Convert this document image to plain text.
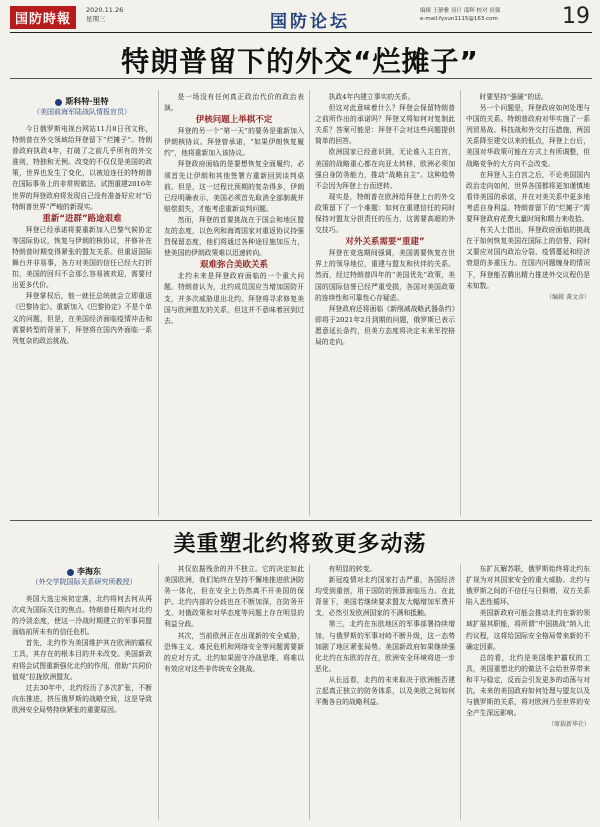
国防時報
2020.11.26
星期三	国防论坛
编辑 王静雅 设计 邵辉 校对 田强
e-mail:fyxun1115@163.com	19
特朗普留下的外交“烂摊子”
斯科特·里特
（美国前海军陆战队情报官员）

今日俄罗斯电视台网站11月8日刊文称，特朗普在外交领域给拜登留下“烂摊子”。特朗普政府执政4年，打破了之前几乎所有的外交准则，特独和无例。改变的不仅仅是美国的政策，世界也发生了变化，以被迫连任的特朗普在国际事务上的非常规做法。试图重建2016年世界的拜登政府将发现自己没有准备好应对“后特朗普世界”严峻的新现实。

重新“进群”路途艰难

拜登已经承诺将要重新加入巴黎气候协定等国际协议，恢复与伊朗的核协议，并修补在特朗普时期变得紧张的盟友关系。但重返国际舞台并非易事，各方对美国的信任已经大打折扣，美国的回归不会那么容易被欢迎，需要付出更多代价。

拜登掌权后，他一就任总统就会立即重返《巴黎协定》。重新加入《巴黎协定》不是个单义的问题，但是，在美国经济面临疫情冲击和需要转型的背景下，拜登将在国内外面临一系列复杂的政治挑战。

是一场没有任何真正政治代价的政治表演。

伊核问题上举棋不定

拜登的另一个“第一天”的要务是重新加入伊朗核协议。拜登曾承诺，“如果伊朗恢复履约”，他将重新加入该协议。

拜登政府面临的是要想恢复全面履约，必须首先让伊朗和其他签署方重新回到谈判桌前。但是，这一过程比预期的复杂得多，伊朗已经明确表示，美国必须首先取消全部制裁并赔偿损失，才能考虑重新谈判问题。

然而，拜登的首要挑战在于国会和地区盟友的态度，以色列和海湾国家对重返协议持强烈保留态度，他们将通过各种途径施加压力，使美国的伊朗政策难以迅速转向。

艰难弥合美欧关系

北约未来是拜登政府面临的一个重大问题。特朗普认为，北约成员国应当增加国防开支，并多次威胁退出北约。拜登将寻求修复美国与欧洲盟友的关系，但这并不意味着回到过去。

执政4年内建立事实的关系。

但这对此意味着什么？拜登会保留特朗普之前所作出的承诺吗？拜登又将如何对复制此关系？答案可能是：拜登不会对这些问题提供简单的回答。

欧洲国家已经意识到，无论谁入主白宫，美国的战略重心都在向亚太转移，欧洲必须加强自身防务能力，推动“战略自主”。这种趋势不会因为拜登上台而逆转。

现实是，特朗普在欧洲给拜登上台的外交政策留下了一个难题：如何在重建信任的同时保持对盟友分担责任的压力，这需要高超的外交技巧。

对外关系需要“重建”

拜登在竞选期间强调，美国需要恢复在世界上的领导地位，重建与盟友和伙伴的关系。然而，经过特朗普四年的“美国优先”政策，美国的国际信誉已经严重受损，各国对美国政策的连续性和可靠性心存疑虑。

拜登政府还将面临《新削减战略武器条约》即将于2021年2月到期的问题，俄罗斯已表示愿意延长条约，但美方态度将决定未来军控格局的走向。

时要坚持“强硬”的话。

另一个问题是，拜登政府如何处理与中国的关系。特朗普政府对华实施了一系列贸易战、科技战和外交打压措施，两国关系降至建交以来的低点，拜登上台后，美国对华政策可能在方式上有所调整，但战略竞争的大方向不会改变。

在拜登入主白宫之后，不论美国国内政治走向如何，世界各国都将更加谨慎地看待美国的承诺，并在对美关系中更多地考虑自身利益。特朗普留下的“烂摊子”需要拜登政府花费大量时间和精力来收拾。

有关人士指出，拜登政府面临的挑战在于如何恢复美国在国际上的信誉，同时又要应对国内政治分裂、疫情蔓延和经济衰退的多重压力。在国内问题缠身的情况下，拜登能否腾出精力推进外交议程仍是未知数。

（编辑 龚文彦）

美重塑北约将致更多动荡
李海东
（外交学院国际关系研究所教授）

美国大选尘埃初定落，北约将何去何从再次成为国际关注的焦点。特朗普任期内对北约的冷淡态度，使这一冷战时期建立的军事同盟面临前所未有的信任危机。

首先，北约作为美国维护其在欧洲的霸权工具，其存在的根本目的并未改变。美国新政府将会试图重新强化北约的作用，借助“共同价值观”拉拢欧洲盟友。

过去30年中，北约经历了多次扩张，不断向东推进，挤压俄罗斯的战略空间，这是导致欧洲安全局势持续紧张的重要原因。

其仅依据残余的并不独立。它的决定如此美国欧洲，我们始终在坚持不懈地推进欧洲防务一体化，但在安全上仍然离不开美国的保护。北约内部的分歧也在不断加深，在防务开支、对俄政策和对华态度等问题上存在明显的利益分歧。

其次，当前欧洲正在出现新的安全威胁，恐怖主义、难民危机和网络安全等问题需要新的应对方式。北约如果固守冷战思维，将难以有效应对这些非传统安全挑战。

有明显的转变。

新冠疫情对北约国家打击严重，各国经济均受到重创，用于国防的预算面临压力。在此背景下，美国若继续要求盟友大幅增加军费开支，必然引发欧洲国家的不满和抵触。

第三，北约在东欧地区的军事部署持续增加，与俄罗斯的军事对峙不断升级，这一态势加剧了地区紧张局势。美国新政府如果继续强化北约在东欧的存在，欧洲安全环境将进一步恶化。

从长远看，北约的未来取决于欧洲能否建立起真正独立的防务体系，以及美欧之间如何平衡各自的战略利益。

东扩瓦解苏联，俄罗斯始终将北约东扩视为对其国家安全的重大威胁。北约与俄罗斯之间的不信任与日俱增，双方关系陷入恶性循环。

美国新政府可能会推动北约在新的领域扩展其职能，将所谓“中国挑战”纳入北约议程，这将给国际安全格局带来新的不确定因素。

总的看，北约是美国维护霸权的工具，美国重塑北约的做法不会给世界带来和平与稳定，反而会引发更多的动荡与对抗。未来的美国政府如何处理与盟友以及与俄罗斯的关系，将对欧洲乃至世界的安全产生深远影响。

（原载新华社）
